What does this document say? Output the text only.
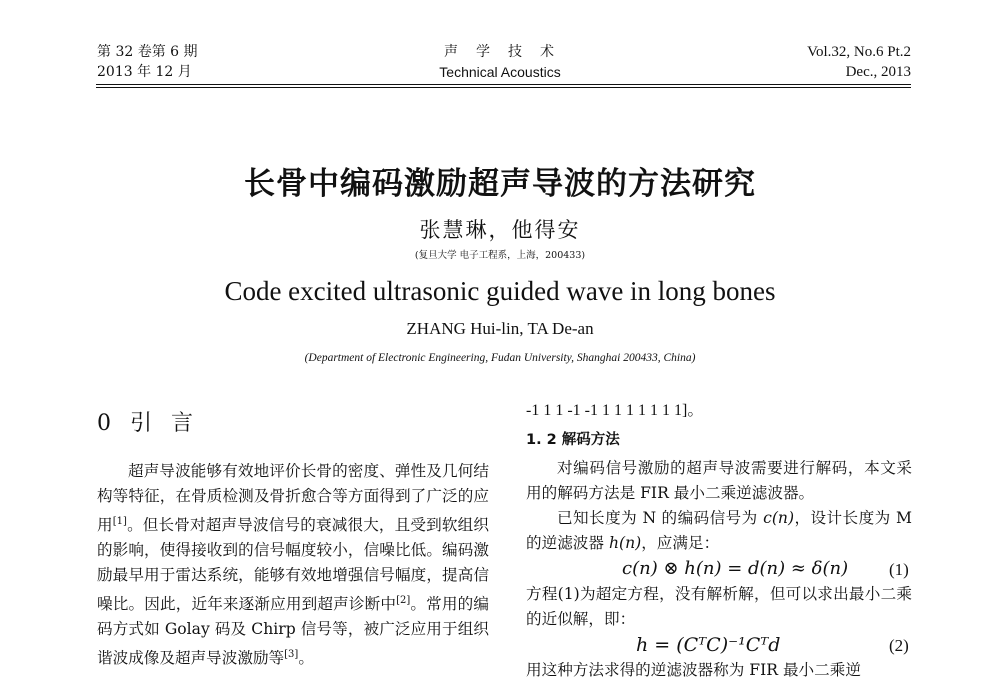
第 32 卷第 6 期
2013 年 12 月
声　学　技　术
Technical Acoustics
Vol.32, No.6 Pt.2
Dec., 2013
长骨中编码激励超声导波的方法研究
张慧琳，他得安
(复旦大学 电子工程系，上海，200433)
Code excited ultrasonic guided wave in long bones
ZHANG Hui-lin, TA De-an
(Department of Electronic Engineering, Fudan University, Shanghai 200433, China)
0 引 言
超声导波能够有效地评价长骨的密度、弹性及几何结构等特征，在骨质检测及骨折愈合等方面得到了广泛的应用[1]。但长骨对超声导波信号的衰减很大，且受到软组织的影响，使得接收到的信号幅度较小，信噪比低。编码激励最早用于雷达系统，能够有效地增强信号幅度，提高信噪比。因此，近年来逐渐应用到超声诊断中[2]。常用的编码方式如 Golay 码及 Chirp 信号等，被广泛应用于组织谐波成像及超声导波激励等[3]。
-1 1 1 -1 -1 1 1 1 1 1 1 1]。
1. 2 解码方法
对编码信号激励的超声导波需要进行解码，本文采用的解码方法是 FIR 最小二乘逆滤波器。
已知长度为 N 的编码信号为 c(n)，设计长度为 M 的逆滤波器 h(n)，应满足：
c(n) ⊗ h(n) = d(n) ≈ δ(n) (1)
方程(1)为超定方程，没有解析解，但可以求出最小二乘的近似解，即：
h = (CᵀC)⁻¹Cᵀd	(2)
用这种方法求得的逆滤波器称为 FIR 最小二乘逆
